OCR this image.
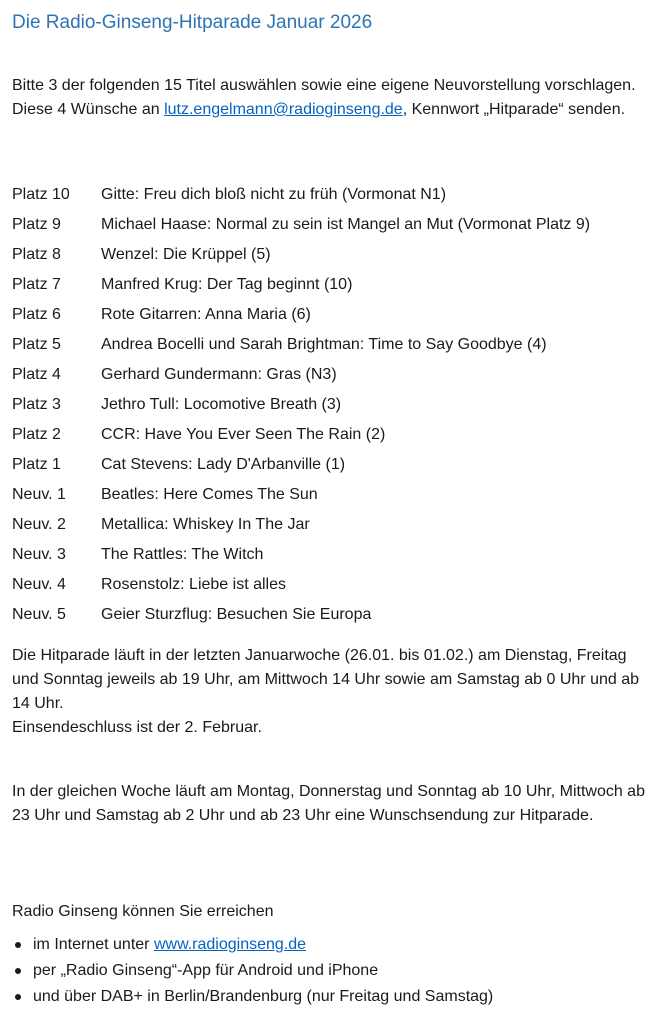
Die Radio-Ginseng-Hitparade Januar 2026

Bitte 3 der folgenden 15 Titel auswählen sowie eine eigene Neuvorstellung vorschlagen.
Diese 4 Wünsche an lutz.engelmann@radioginseng.de, Kennwort „Hitparade“ senden.

Platz 10	Gitte: Freu dich bloß nicht zu früh (Vormonat N1)
Platz 9	Michael Haase: Normal zu sein ist Mangel an Mut (Vormonat Platz 9)
Platz 8	Wenzel: Die Krüppel (5)
Platz 7	Manfred Krug: Der Tag beginnt (10)
Platz 6	Rote Gitarren: Anna Maria (6)
Platz 5	Andrea Bocelli und Sarah Brightman: Time to Say Goodbye (4)
Platz 4	Gerhard Gundermann: Gras (N3)
Platz 3	Jethro Tull: Locomotive Breath (3)
Platz 2	CCR: Have You Ever Seen The Rain (2)
Platz 1	Cat Stevens: Lady D'Arbanville (1)
Neuv. 1	Beatles: Here Comes The Sun
Neuv. 2	Metallica: Whiskey In The Jar
Neuv. 3	The Rattles: The Witch
Neuv. 4	Rosenstolz: Liebe ist alles
Neuv. 5	Geier Sturzflug: Besuchen Sie Europa

Die Hitparade läuft in der letzten Januarwoche (26.01. bis 01.02.) am Dienstag, Freitag und Sonntag jeweils ab 19 Uhr, am Mittwoch 14 Uhr sowie am Samstag ab 0 Uhr und ab 14 Uhr.
Einsendeschluss ist der 2. Februar.

In der gleichen Woche läuft am Montag, Donnerstag und Sonntag ab 10 Uhr, Mittwoch ab 23 Uhr und Samstag ab 2 Uhr und ab 23 Uhr eine Wunschsendung zur Hitparade.

Radio Ginseng können Sie erreichen

im Internet unter
www.radioginseng.de
per „Radio Ginseng“-App für Android und iPhone
und über DAB+ in Berlin/Brandenburg (nur Freitag und Samstag)
